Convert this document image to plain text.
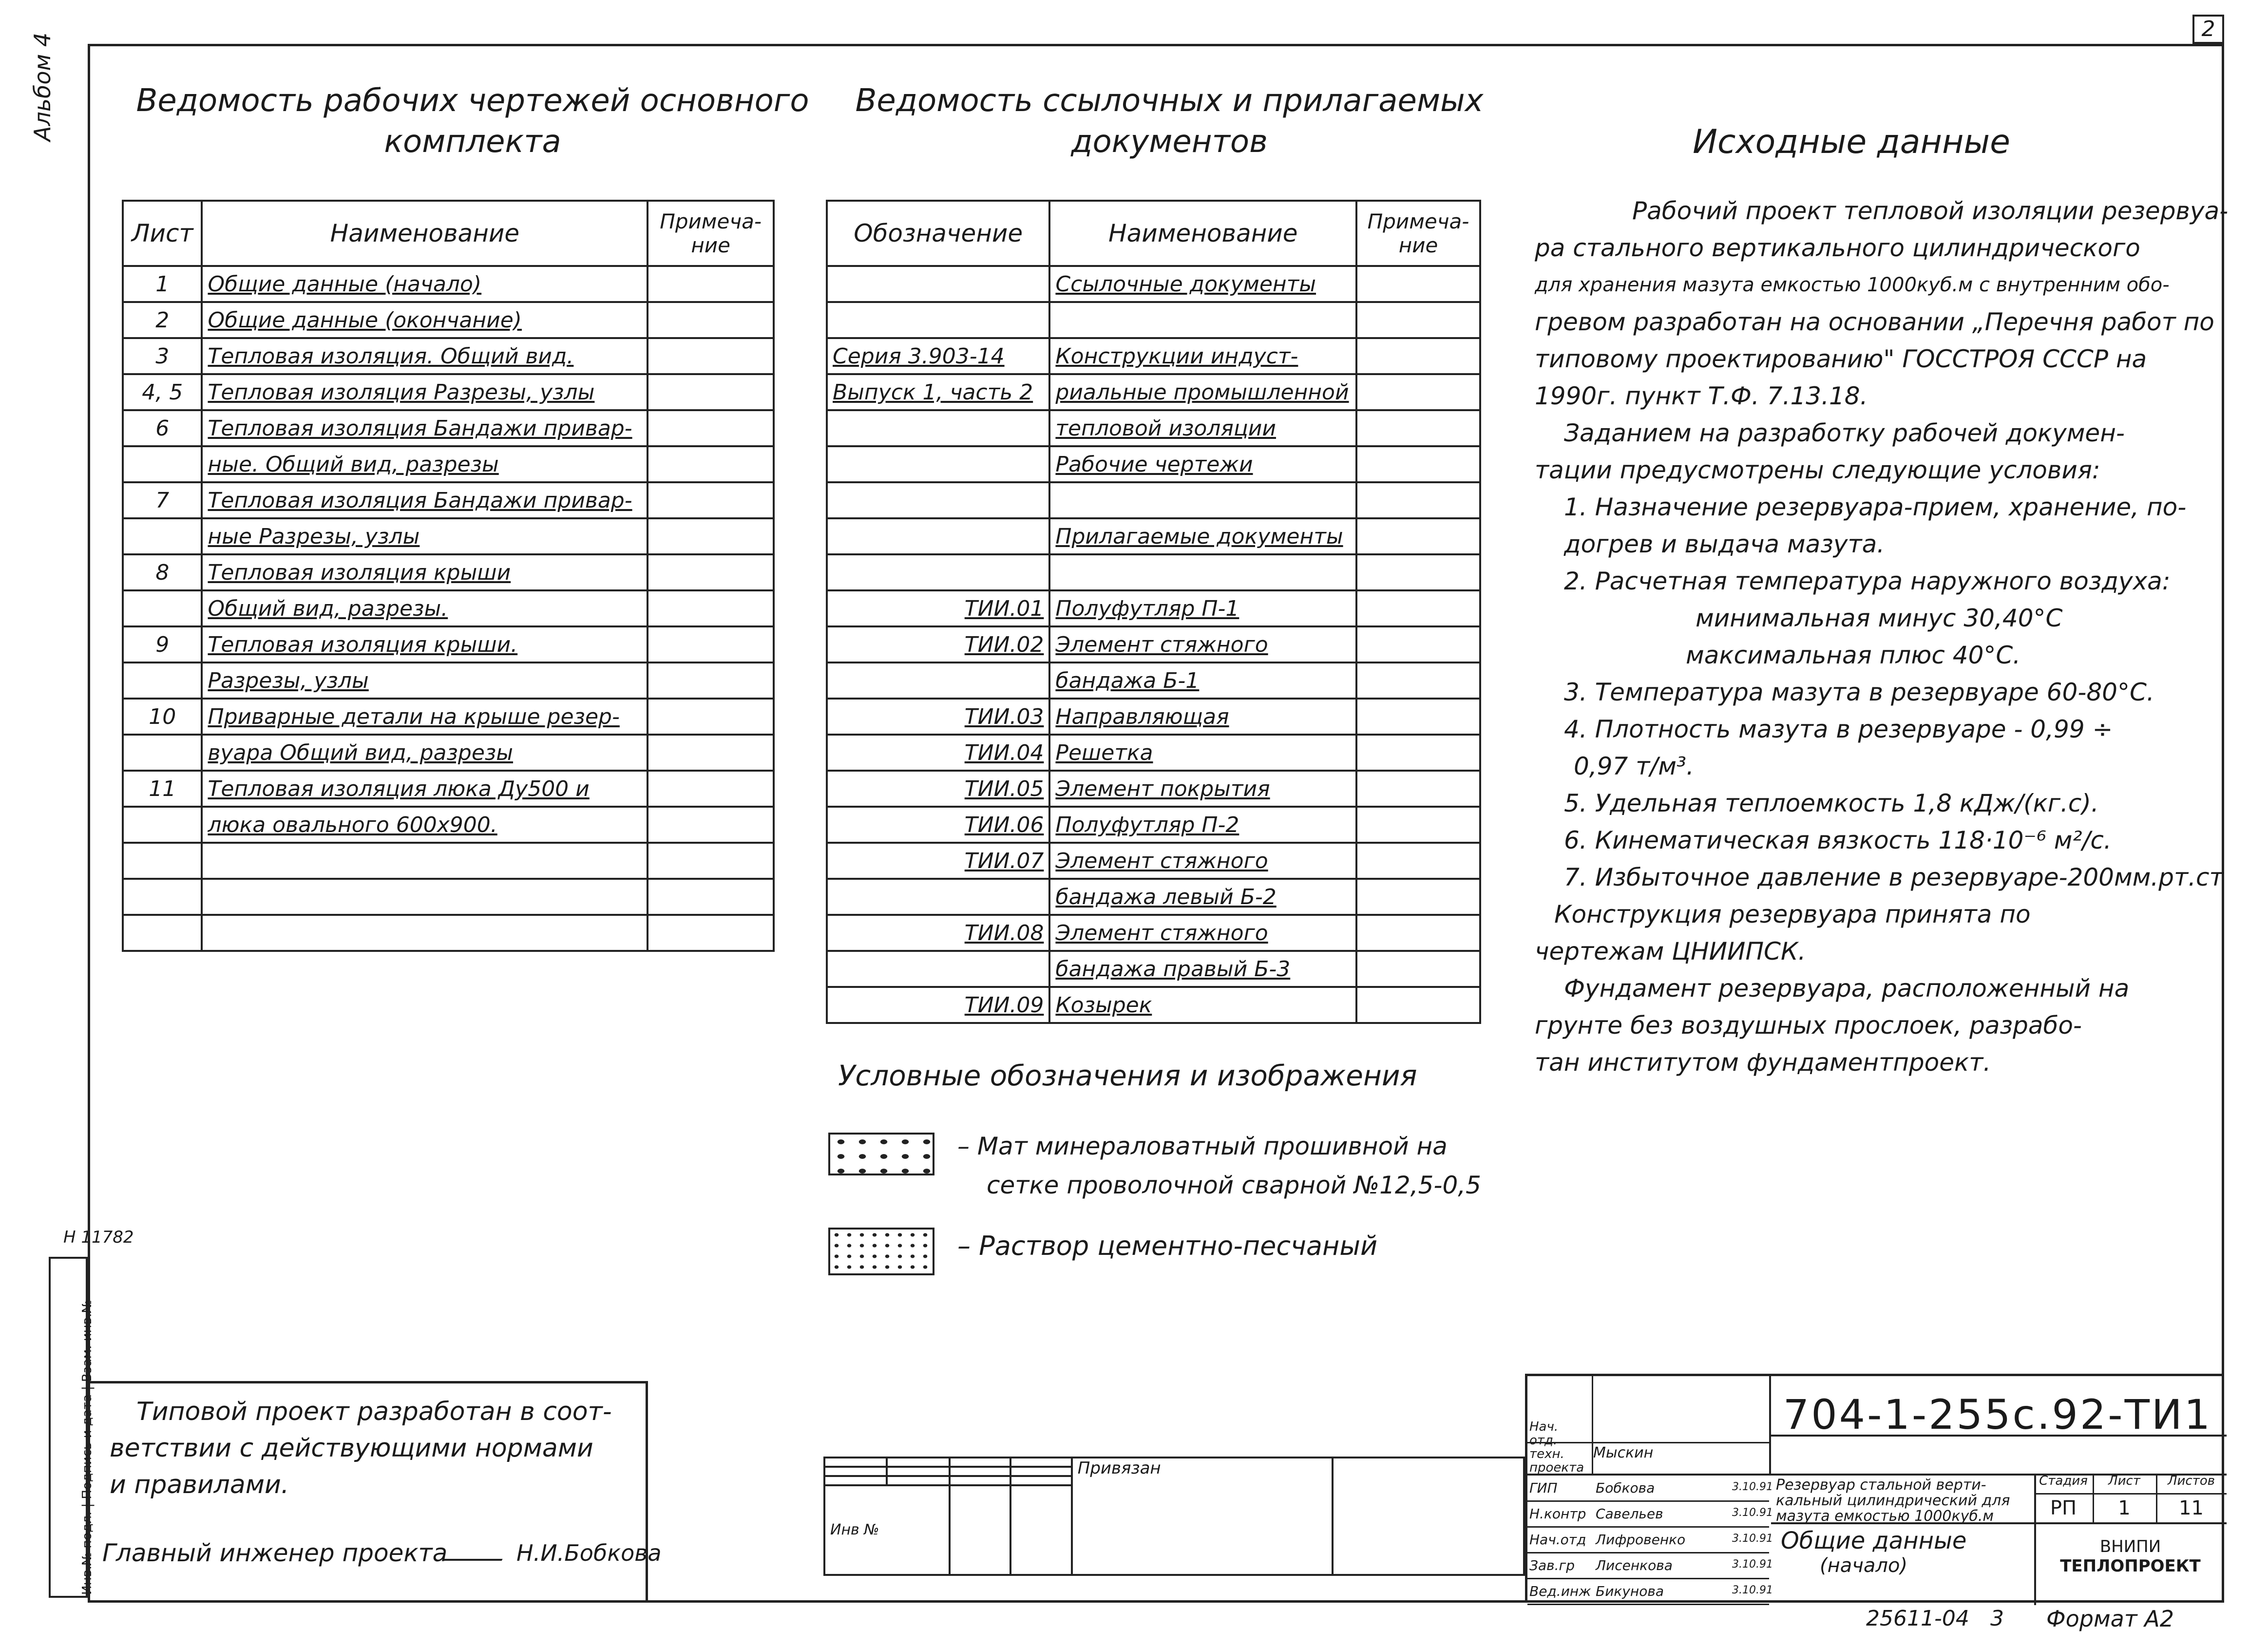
Альбом 4
Н 11782
Инв.№ подл. | Подпись и дата | Взам. инв.№
2
Ведомость рабочих чертежей основного
комплекта
Лист	Наименование	Примеча- ние
1	Общие данные (начало)	
2	Общие данные (окончание)	
3	Тепловая изоляция. Общий вид.	
4, 5	Тепловая изоляция Разрезы, узлы	
6	Тепловая изоляция Бандажи привар-	
	ные. Общий вид, разрезы	
7	Тепловая изоляция Бандажи привар-	
	ные Разрезы, узлы	
8	Тепловая изоляция крыши	
	Общий вид, разрезы.	
9	Тепловая изоляция крыши.	
	Разрезы, узлы	
10	Приварные детали на крыше резер-	
	вуара Общий вид, разрезы	
11	Тепловая изоляция люка Ду500 и	
	люка овального 600х900.	

Ведомость ссылочных и прилагаемых
документов
Обозначение	Наименование	Примеча- ние
	Ссылочные документы	

Серия 3.903-14	Конструкции индуст-	
Выпуск 1, часть 2	риальные промышленной	
	тепловой изоляции	
	Рабочие чертежи	

	Прилагаемые документы	

ТИИ.01	Полуфутляр П-1	
ТИИ.02	Элемент стяжного	
	бандажа Б-1	
ТИИ.03	Направляющая	
ТИИ.04	Решетка	
ТИИ.05	Элемент покрытия	
ТИИ.06	Полуфутляр П-2	
ТИИ.07	Элемент стяжного	
	бандажа левый Б-2	
ТИИ.08	Элемент стяжного	
	бандажа правый Б-3	
ТИИ.09	Козырек	
Условные обозначения и изображения
– Мат минераловатный прошивной на
сетке проволочной сварной №12,5-0,5
– Раствор цементно-песчаный
Исходные данные
Рабочий проект тепловой изоляции резервуа-
ра стального вертикального цилиндрического
для хранения мазута емкостью 1000куб.м с внутренним обо-
гревом разработан на основании „Перечня работ по
типовому проектированию" ГОССТРОЯ СССР на
1990г. пункт Т.Ф. 7.13.18.
Заданием на разработку рабочей докумен-
тации предусмотрены следующие условия:
1. Назначение резервуара-прием, хранение, по-
догрев и выдача мазута.
2. Расчетная температура наружного воздуха:
минимальная минус 30,40°С
максимальная плюс 40°С.
3. Температура мазута в резервуаре 60-80°С.
4. Плотность мазута в резервуаре - 0,99 ÷
0,97 т/м³.
5. Удельная теплоемкость 1,8 кДж/(кг.с).
6. Кинематическая вязкость 118·10⁻⁶ м²/с.
7. Избыточное давление в резервуаре-200мм.рт.ст
Конструкция резервуара принята по
чертежам ЦНИИПСК.
Фундамент резервуара, расположенный на
грунте без воздушных прослоек, разрабо-
тан институтом фундаментпроект.
Типовой проект разработан в соот-
ветствии с действующими нормами
и правилами.
Главный инженер проекта	Н.И.Бобкова
				Привязан	

Инв №					
Нач. отд. техн. проекта
Мыскин
704-1-255с.92-ТИ1
ГИП	Бобкова	3.10.91
Н.контр Савельев	3.10.91
Нач.отд Лифровенко	3.10.91
Зав.гр Лисенкова	3.10.91
Вед.инж Бикунова	3.10.91
Резервуар стальной верти-кальный цилиндрический для мазута емкостью 1000куб.м
Общие данные
(начало)
Стадия	Лист	Листов
РП	1	11
ВНИПИ
ТЕПЛОПРОЕКТ
25611-04 3 Формат А2
